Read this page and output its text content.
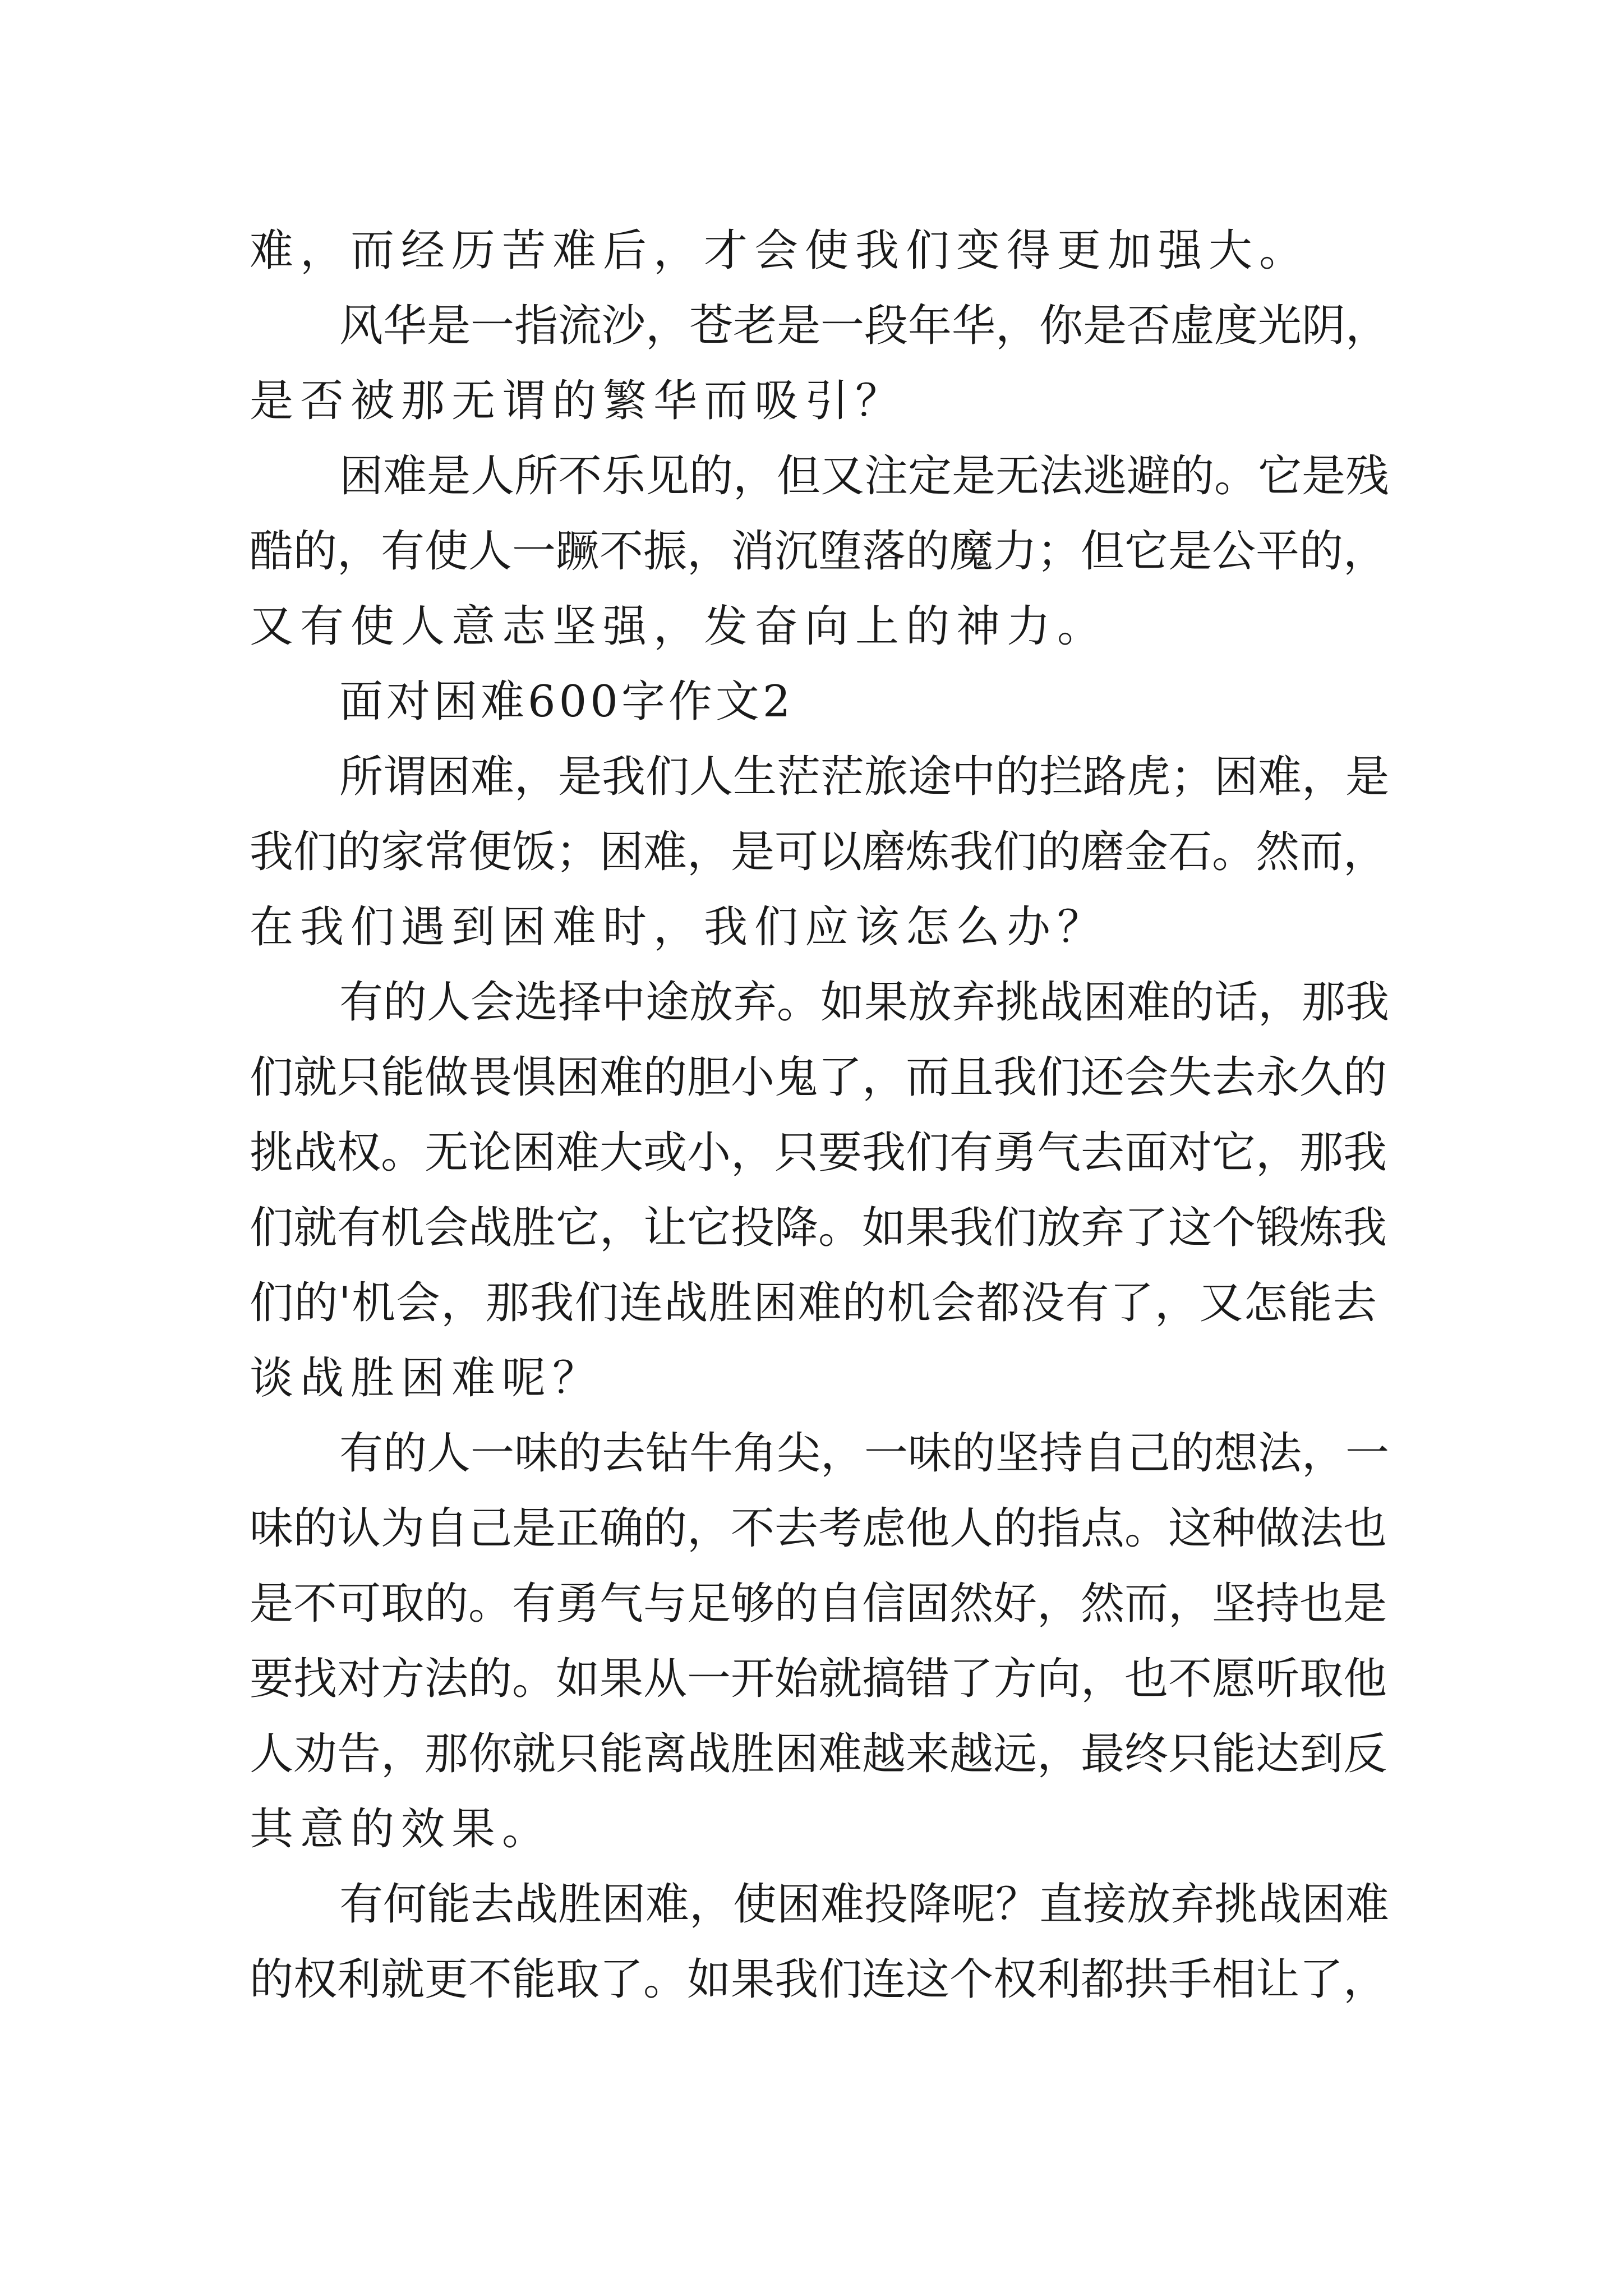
难，而经历苦难后，才会使我们变得更加强大。
风华是一指流沙，苍老是一段年华，你是否虚度光阴，
是否被那无谓的繁华而吸引？
困难是人所不乐见的，但又注定是无法逃避的。它是残
酷的，有使人一蹶不振，消沉堕落的魔力；但它是公平的，
又有使人意志坚强，发奋向上的神力。
面对困难600字作文2
所谓困难，是我们人生茫茫旅途中的拦路虎；困难，是
我们的家常便饭；困难，是可以磨炼我们的磨金石。然而，
在我们遇到困难时，我们应该怎么办？
有的人会选择中途放弃。如果放弃挑战困难的话，那我
们就只能做畏惧困难的胆小鬼了，而且我们还会失去永久的
挑战权。无论困难大或小，只要我们有勇气去面对它，那我
们就有机会战胜它，让它投降。如果我们放弃了这个锻炼我
们的'机会，那我们连战胜困难的机会都没有了，又怎能去
谈战胜困难呢？
有的人一味的去钻牛角尖，一味的坚持自己的想法，一
味的认为自己是正确的，不去考虑他人的指点。这种做法也
是不可取的。有勇气与足够的自信固然好，然而，坚持也是
要找对方法的。如果从一开始就搞错了方向，也不愿听取他
人劝告，那你就只能离战胜困难越来越远，最终只能达到反
其意的效果。
有何能去战胜困难，使困难投降呢？直接放弃挑战困难
的权利就更不能取了。如果我们连这个权利都拱手相让了，
